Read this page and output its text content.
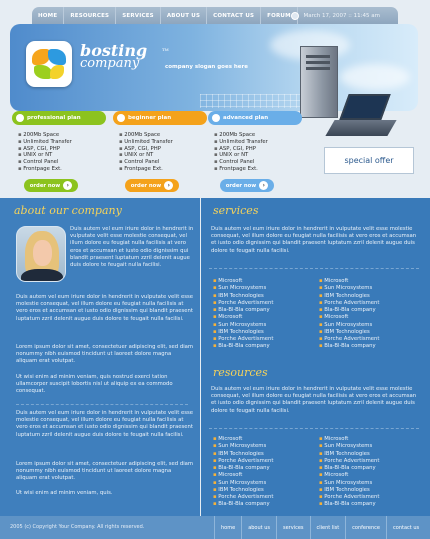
HOME	RESOURCES	SERVICES	ABOUT US	CONTACT US	FORUM	March 17, 2007 :: 11:45 am
bosting
company
TM
company slogan goes here
professional plan
▪ 200Mb Space
▪ Unlimited Transfer
▪ ASP, CGI, PHP
▪ UNIX or NT
▪ Control Panel
▪ Frontpage Ext.
order now	›
beginner plan
▪ 200Mb Space
▪ Unlimited Transfer
▪ ASP, CGI, PHP
▪ UNIX or NT
▪ Control Panel
▪ Frontpage Ext.
order now	›
advanced plan
▪ 200Mb Space
▪ Unlimited Transfer
▪ ASP, CGI, PHP
▪ UNIX or NT
▪ Control Panel
▪ Frontpage Ext.
order now	›
special offer
about our company
Duis autem vel eum iriure dolor in hendrerit in vulputate velit esse molestie consequat, vel illum dolore eu feugiat nulla facilisis at vero eros et accumsan et iusto odio dignissim qui blandit praesent luptatum zzril delenit augue duis dolore te feugait nulla facilisi.
Duis autem vel eum iriure dolor in hendrerit in vulputate velit esse molestie consequat, vel illum dolore eu feugiat nulla facilisis at vero eros et accumsan et iusto odio dignissim qui blandit praesent luptatum zzril delenit augue duis dolore te feugait nulla facilisi.
Lorem ipsum dolor sit amet, consectetuer adipiscing elit, sed diam nonummy nibh euismod tincidunt ut laoreet dolore magna aliquam erat volutpat.
Ut wisi enim ad minim veniam, quis nostrud exerci tation ullamcorper suscipit lobortis nisl ut aliquip ex ea commodo consequat.
Duis autem vel eum iriure dolor in hendrerit in vulputate velit esse molestie consequat, vel illum dolore eu feugiat nulla facilisis at vero eros et accumsan et iusto odio dignissim qui blandit praesent luptatum zzril delenit augue duis dolore te feugait nulla facilisi.
Lorem ipsum dolor sit amet, consectetuer adipiscing elit, sed diam nonummy nibh euismod tincidunt ut laoreet dolore magna aliquam erat volutpat.
Ut wisi enim ad minim veniam, quis.
services
Duis autem vel eum iriure dolor in hendrerit in vulputate velit esse molestie consequat, vel illum dolore eu feugiat nulla facilisis at vero eros et accumsan et iusto odio dignissim qui blandit praesent luptatum zzril delenit augue duis dolore te feugait nulla facilisi.
▪ Microsoft
▪ Sun Microsystems
▪ IBM Technologies
▪ Porche Advertisment
▪ Bla-Bl-Bla company
▪ Microsoft
▪ Sun Microsystems
▪ IBM Technologies
▪ Porche Advertisment
▪ Bla-Bl-Bla company
▪ Microsoft
▪ Sun Microsystems
▪ IBM Technologies
▪ Porche Advertisment
▪ Bla-Bl-Bla company
▪ Microsoft
▪ Sun Microsystems
▪ IBM Technologies
▪ Porche Advertisment
▪ Bla-Bl-Bla company
resources
Duis autem vel eum iriure dolor in hendrerit in vulputate velit esse molestie consequat, vel illum dolore eu feugiat nulla facilisis at vero eros et accumsan et iusto odio dignissim qui blandit praesent luptatum zzril delenit augue duis dolore te feugait nulla facilisi.
▪ Microsoft
▪ Sun Microsystems
▪ IBM Technologies
▪ Porche Advertisment
▪ Bla-Bl-Bla company
▪ Microsoft
▪ Sun Microsystems
▪ IBM Technologies
▪ Porche Advertisment
▪ Bla-Bl-Bla company
▪ Microsoft
▪ Sun Microsystems
▪ IBM Technologies
▪ Porche Advertisment
▪ Bla-Bl-Bla company
▪ Microsoft
▪ Sun Microsystems
▪ IBM Technologies
▪ Porche Advertisment
▪ Bla-Bl-Bla company
2005 (c) Copyright Your Company. All rights reserved.	home	about us	services	client list	conference	contact us
